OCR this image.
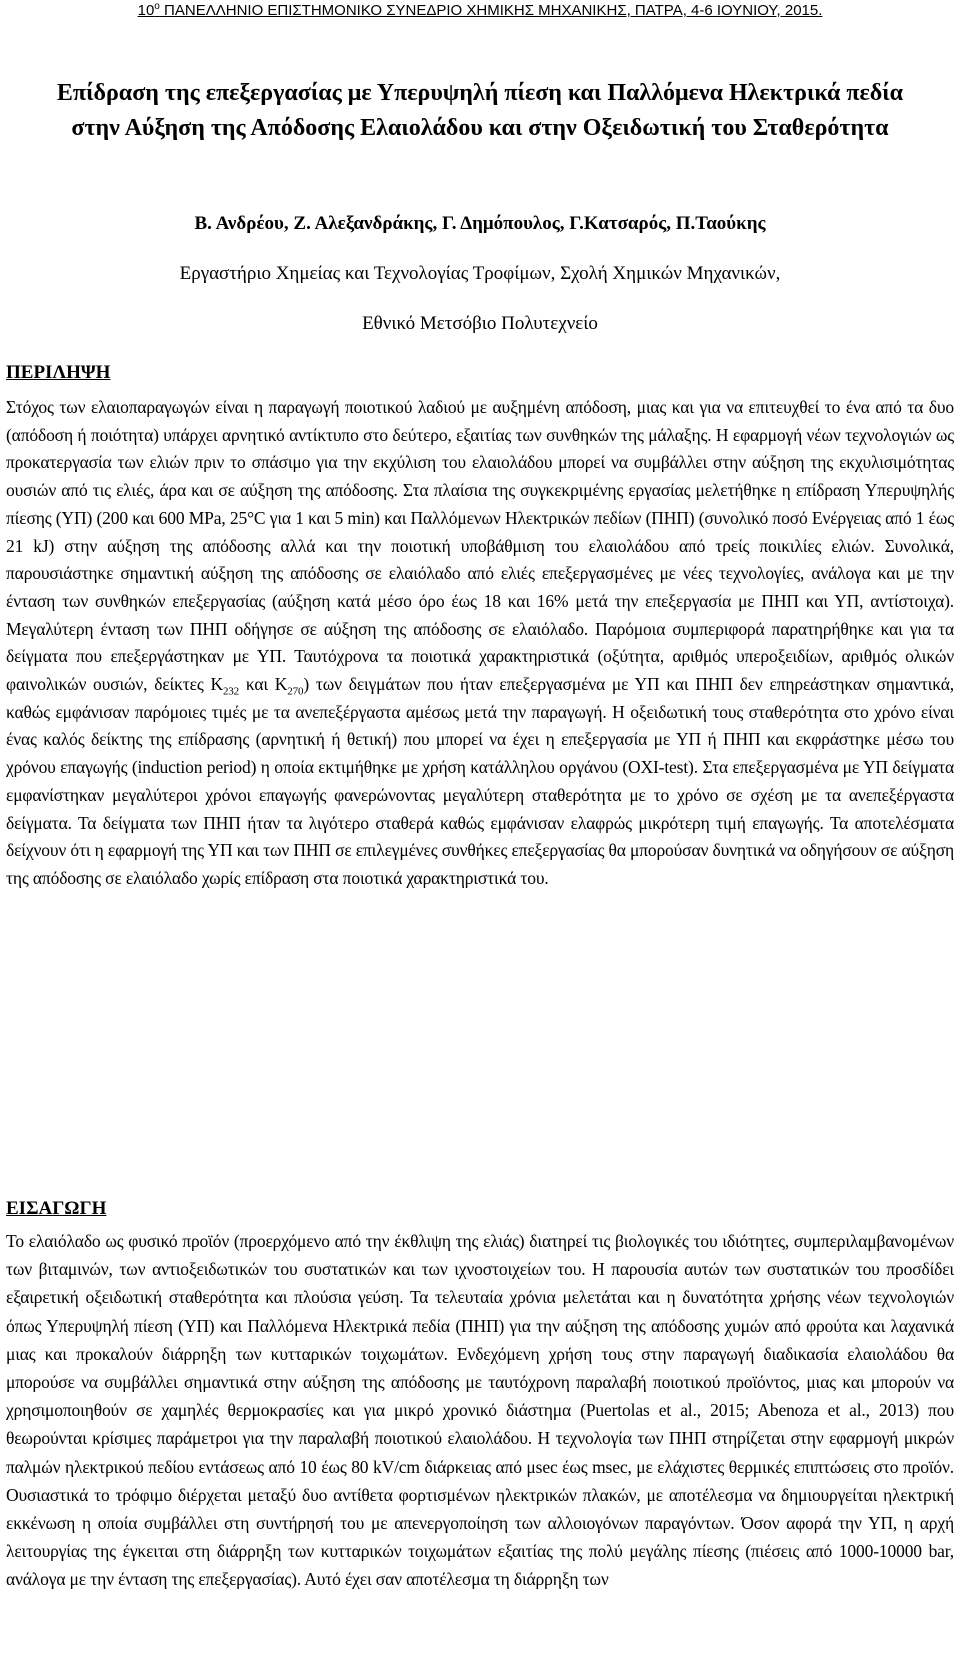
$10^o$ ΠΑΝΕΛΛΗΝΙΟ ΕΠΙΣΤΗΜΟΝΙΚΟ ΣΥΝΕΔΡΙΟ ΧΗΜΙΚΗΣ ΜΗΧΑΝΙΚΗΣ, ΠΑΤΡΑ, 4-6 ΙΟΥΝΙΟΥ, 2015.
Επίδραση της επεξεργασίας με Υπερυψηλή πίεση και Παλλόμενα Ηλεκτρικά πεδία στην Αύξηση της Απόδοσης Ελαιολάδου και στην Οξειδωτική του Σταθερότητα
Β. Ανδρέου, Ζ. Αλεξανδράκης, Γ. Δημόπουλος, Γ.Κατσαρός, Π.Ταούκης
Εργαστήριο Χημείας και Τεχνολογίας Τροφίμων, Σχολή Χημικών Μηχανικών,
Εθνικό Μετσόβιο Πολυτεχνείο
ΠΕΡΙΛΗΨΗ
Στόχος των ελαιοπαραγωγών είναι η παραγωγή ποιοτικού λαδιού με αυξημένη απόδοση, μιας και για να επιτευχθεί το ένα από τα δυο (απόδοση ή ποιότητα) υπάρχει αρνητικό αντίκτυπο στο δεύτερο, εξαιτίας των συνθηκών της μάλαξης. Η εφαρμογή νέων τεχνολογιών ως προκατεργασία των ελιών πριν το σπάσιμο για την εκχύλιση του ελαιολάδου μπορεί να συμβάλλει στην αύξηση της εκχυλισιμότητας ουσιών από τις ελιές, άρα και σε αύξηση της απόδοσης. Στα πλαίσια της συγκεκριμένης εργασίας μελετήθηκε η επίδραση Υπερυψηλής πίεσης (ΥΠ) (200 και 600 MPa, 25°C για 1 και 5 min) και Παλλόμενων Ηλεκτρικών πεδίων (ΠΗΠ) (συνολικό ποσό Ενέργειας από 1 έως 21 kJ) στην αύξηση της απόδοσης αλλά και την ποιοτική υποβάθμιση του ελαιολάδου από τρείς ποικιλίες ελιών. Συνολικά, παρουσιάστηκε σημαντική αύξηση της απόδοσης σε ελαιόλαδο από ελιές επεξεργασμένες με νέες τεχνολογίες, ανάλογα και με την ένταση των συνθηκών επεξεργασίας (αύξηση κατά μέσο όρο έως 18 και 16% μετά την επεξεργασία με ΠΗΠ και ΥΠ, αντίστοιχα). Μεγαλύτερη ένταση των ΠΗΠ οδήγησε σε αύξηση της απόδοσης σε ελαιόλαδο. Παρόμοια συμπεριφορά παρατηρήθηκε και για τα δείγματα που επεξεργάστηκαν με ΥΠ. Ταυτόχρονα τα ποιοτικά χαρακτηριστικά (οξύτητα, αριθμός υπεροξειδίων, αριθμός ολικών φαινολικών ουσιών, δείκτες $K_{232}$ και $K_{270}$) των δειγμάτων που ήταν επεξεργασμένα με ΥΠ και ΠΗΠ δεν επηρεάστηκαν σημαντικά, καθώς εμφάνισαν παρόμοιες τιμές με τα ανεπεξέργαστα αμέσως μετά την παραγωγή. Η οξειδωτική τους σταθερότητα στο χρόνο είναι ένας καλός δείκτης της επίδρασης (αρνητική ή θετική) που μπορεί να έχει η επεξεργασία με ΥΠ ή ΠΗΠ και εκφράστηκε μέσω του χρόνου επαγωγής (induction period) η οποία εκτιμήθηκε με χρήση κατάλληλου οργάνου (OXI-test). Στα επεξεργασμένα με ΥΠ δείγματα εμφανίστηκαν μεγαλύτεροι χρόνοι επαγωγής φανερώνοντας μεγαλύτερη σταθερότητα με το χρόνο σε σχέση με τα ανεπεξέργαστα δείγματα. Τα δείγματα των ΠΗΠ ήταν τα λιγότερο σταθερά καθώς εμφάνισαν ελαφρώς μικρότερη τιμή επαγωγής. Τα αποτελέσματα δείχνουν ότι η εφαρμογή της ΥΠ και των ΠΗΠ σε επιλεγμένες συνθήκες επεξεργασίας θα μπορούσαν δυνητικά να οδηγήσουν σε αύξηση της απόδοσης σε ελαιόλαδο χωρίς επίδραση στα ποιοτικά χαρακτηριστικά του.
ΕΙΣΑΓΩΓΗ
Το ελαιόλαδο ως φυσικό προϊόν (προερχόμενο από την έκθλιψη της ελιάς) διατηρεί τις βιολογικές του ιδιότητες, συμπεριλαμβανομένων των βιταμινών, των αντιοξειδωτικών του συστατικών και των ιχνοστοιχείων του. Η παρουσία αυτών των συστατικών του προσδίδει εξαιρετική οξειδωτική σταθερότητα και πλούσια γεύση. Τα τελευταία χρόνια μελετάται και η δυνατότητα χρήσης νέων τεχνολογιών όπως Υπερυψηλή πίεση (ΥΠ) και Παλλόμενα Ηλεκτρικά πεδία (ΠΗΠ) για την αύξηση της απόδοσης χυμών από φρούτα και λαχανικά μιας και προκαλούν διάρρηξη των κυτταρικών τοιχωμάτων. Ενδεχόμενη χρήση τους στην παραγωγή διαδικασία ελαιολάδου θα μπορούσε να συμβάλλει σημαντικά στην αύξηση της απόδοσης με ταυτόχρονη παραλαβή ποιοτικού προϊόντος, μιας και μπορούν να χρησιμοποιηθούν σε χαμηλές θερμοκρασίες και για μικρό χρονικό διάστημα (Puertolas et al., 2015; Abenoza et al., 2013) που θεωρούνται κρίσιμες παράμετροι για την παραλαβή ποιοτικού ελαιολάδου. Η τεχνολογία των ΠΗΠ στηρίζεται στην εφαρμογή μικρών παλμών ηλεκτρικού πεδίου εντάσεως από 10 έως 80 kV/cm διάρκειας από μsec έως msec, με ελάχιστες θερμικές επιπτώσεις στο προϊόν. Ουσιαστικά το τρόφιμο διέρχεται μεταξύ δυο αντίθετα φορτισμένων ηλεκτρικών πλακών, με αποτέλεσμα να δημιουργείται ηλεκτρική εκκένωση η οποία συμβάλλει στη συντήρησή του με απενεργοποίηση των αλλοιογόνων παραγόντων. Όσον αφορά την ΥΠ, η αρχή λειτουργίας της έγκειται στη διάρρηξη των κυτταρικών τοιχωμάτων εξαιτίας της πολύ μεγάλης πίεσης (πιέσεις από 1000-10000 bar, ανάλογα με την ένταση της επεξεργασίας). Αυτό έχει σαν αποτέλεσμα τη διάρρηξη των
